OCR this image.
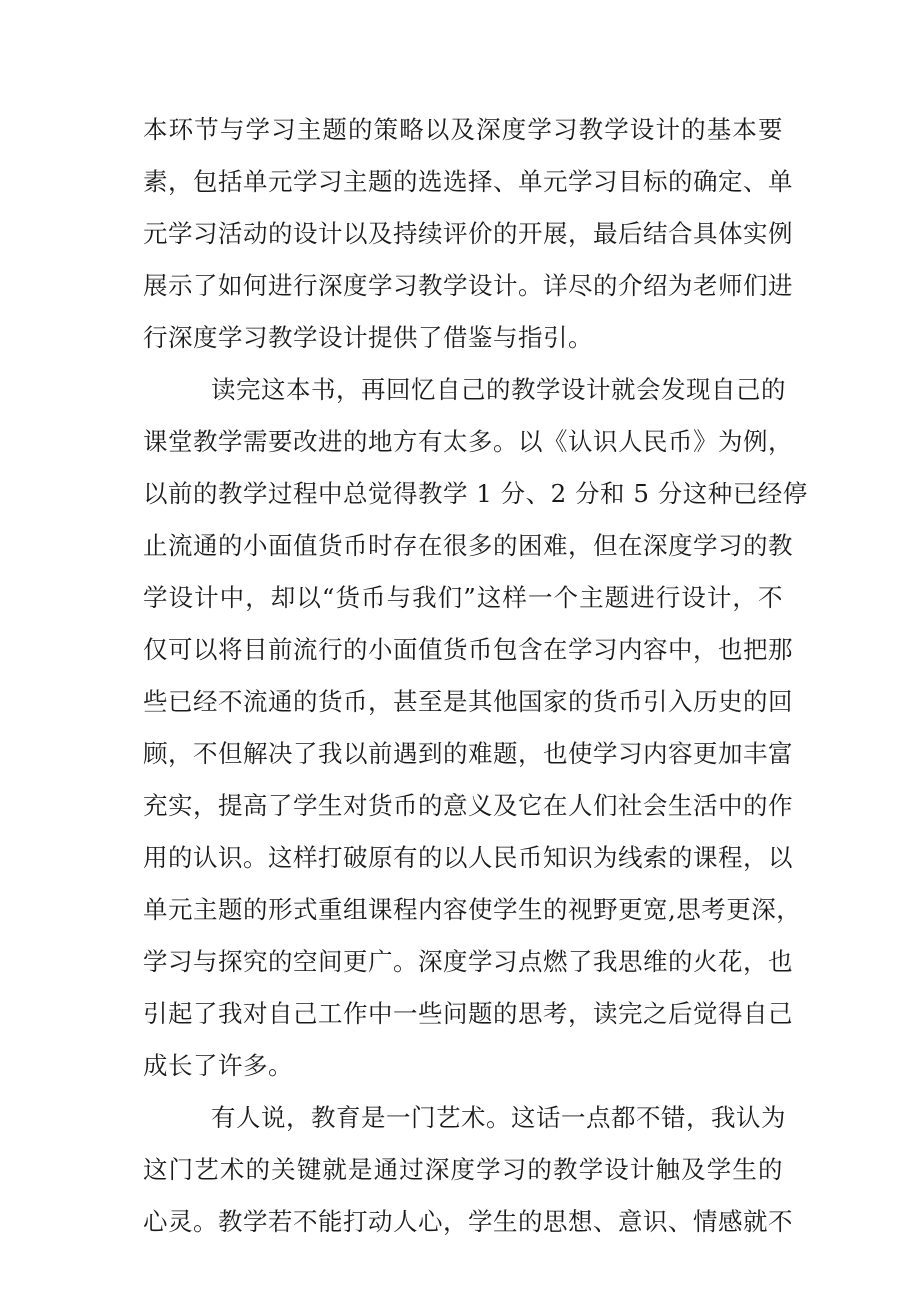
本环节与学习主题的策略以及深度学习教学设计的基本要
素，包括单元学习主题的选选择、单元学习目标的确定、单
元学习活动的设计以及持续评价的开展，最后结合具体实例
展示了如何进行深度学习教学设计。详尽的介绍为老师们进
行深度学习教学设计提供了借鉴与指引。
读完这本书，再回忆自己的教学设计就会发现自己的
课堂教学需要改进的地方有太多。以《认识人民币》为例，
以前的教学过程中总觉得教学 1 分、2 分和 5 分这种已经停
止流通的小面值货币时存在很多的困难，但在深度学习的教
学设计中，却以“货币与我们”这样一个主题进行设计，不
仅可以将目前流行的小面值货币包含在学习内容中，也把那
些已经不流通的货币，甚至是其他国家的货币引入历史的回
顾，不但解决了我以前遇到的难题，也使学习内容更加丰富
充实，提高了学生对货币的意义及它在人们社会生活中的作
用的认识。这样打破原有的以人民币知识为线索的课程，以
单元主题的形式重组课程内容使学生的视野更宽,思考更深，
学习与探究的空间更广。深度学习点燃了我思维的火花，也
引起了我对自己工作中一些问题的思考，读完之后觉得自己
成长了许多。
有人说，教育是一门艺术。这话一点都不错，我认为
这门艺术的关键就是通过深度学习的教学设计触及学生的
心灵。教学若不能打动人心，学生的思想、意识、情感就不
